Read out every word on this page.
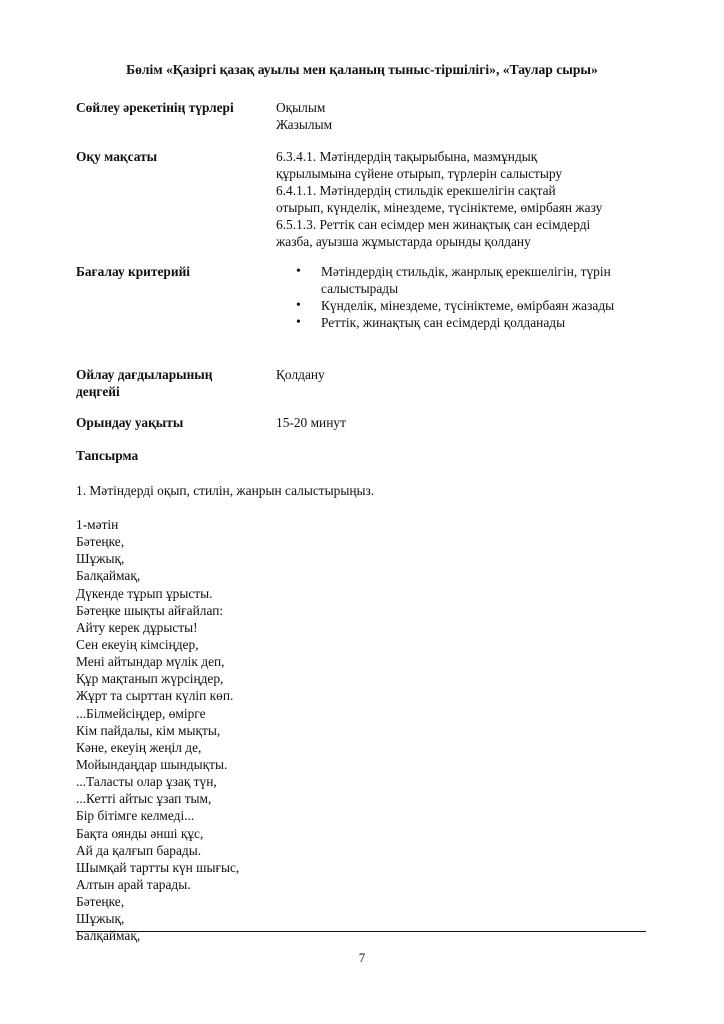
Бөлім «Қазіргі қазақ ауылы мен қаланың тыныс-тіршілігі», «Таулар сыры»
Сөйлеу әрекетінің түрлері	Оқылым
Жазылым
Оқу мақсаты	6.3.4.1. Мәтіндердің тақырыбына, мазмұндық
құрылымына сүйене отырып, түрлерін салыстыру
6.4.1.1. Мәтіндердің стильдік ерекшелігін сақтай
отырып, күнделік, мінездеме, түсініктеме, өмірбаян жазу
6.5.1.3. Реттік сан есімдер мен жинақтық сан есімдерді
жазба, ауызша жұмыстарда орынды қолдану
Бағалау критерийі
•	Мәтіндердің стильдік, жанрлық ерекшелігін, түрін салыстырады
• Күнделік, мінездеме, түсініктеме, өмірбаян жазады
• Реттік, жинақтық сан есімдерді қолданады
Ойлау дағдыларының деңгейі
Қолдану
Орындау уақыты	15-20 минут
Тапсырма
1. Мәтіндерді оқып, стилін, жанрын салыстырыңыз.
1-мәтін
Бәтеңке,
Шұжық,
Балқаймақ,
Дүкенде тұрып ұрысты.
Бәтеңке шықты айғайлап:
Айту керек дұрысты!
Сен екеуің кімсіңдер,
Мені айтындар мүлік деп,
Құр мақтанып жүрсіңдер,
Жұрт та сырттан күліп көп.
...Білмейсіңдер, өмірге
Кім пайдалы, кім мықты,
Кәне, екеуің жеңіл де,
Мойындаңдар шындықты.
...Таласты олар ұзақ түн,
...Кетті айтыс ұзап тым,
Бір бітімге келмеді...
Бақта оянды әнші құс,
Ай да қалғып барады.
Шымқай тартты күн шығыс,
Алтын арай тарады.
Бәтеңке,
Шұжық,
Балқаймақ,
7
